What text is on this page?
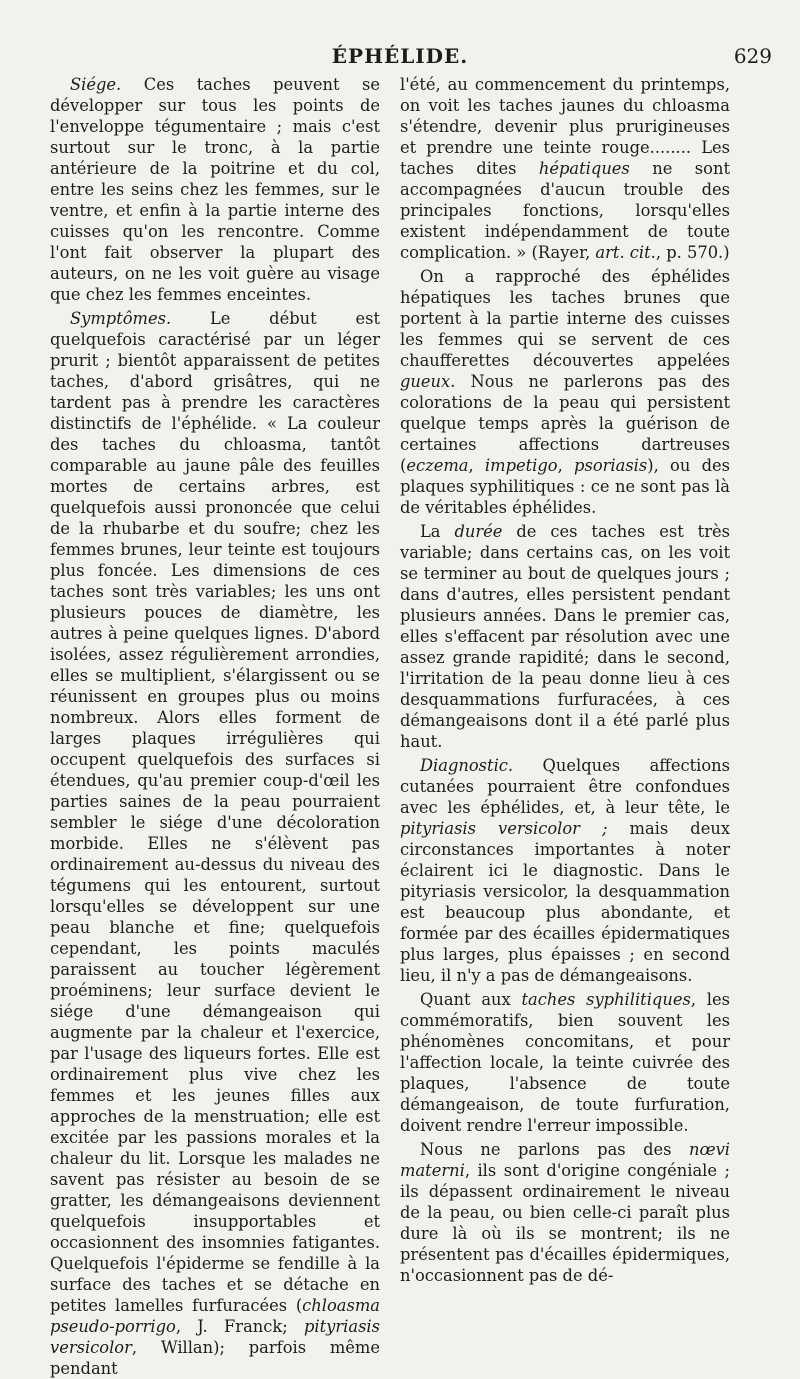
ÉPHÉLIDE.	629

Siége. Ces taches peuvent se développer sur tous les points de l'enveloppe tégumentaire ; mais c'est surtout sur le tronc, à la partie antérieure de la poitrine et du col, entre les seins chez les femmes, sur le ventre, et enfin à la partie interne des cuisses qu'on les rencontre. Comme l'ont fait observer la plupart des auteurs, on ne les voit guère au visage que chez les femmes enceintes.

Symptômes. Le début est quelquefois caractérisé par un léger prurit ; bientôt apparaissent de petites taches, d'abord grisâtres, qui ne tardent pas à prendre les caractères distinctifs de l'éphélide. « La couleur des taches du chloasma, tantôt comparable au jaune pâle des feuilles mortes de certains arbres, est quelquefois aussi prononcée que celui de la rhubarbe et du soufre; chez les femmes brunes, leur teinte est toujours plus foncée. Les dimensions de ces taches sont très variables; les uns ont plusieurs pouces de diamètre, les autres à peine quelques lignes. D'abord isolées, assez régulièrement arrondies, elles se multiplient, s'élargissent ou se réunissent en groupes plus ou moins nombreux. Alors elles forment de larges plaques irrégulières qui occupent quelquefois des surfaces si étendues, qu'au premier coup-d'œil les parties saines de la peau pourraient sembler le siége d'une décoloration morbide. Elles ne s'élèvent pas ordinairement au-dessus du niveau des tégumens qui les entourent, surtout lorsqu'elles se développent sur une peau blanche et fine; quelquefois cependant, les points maculés paraissent au toucher légèrement proéminens; leur surface devient le siége d'une démangeaison qui augmente par la chaleur et l'exercice, par l'usage des liqueurs fortes. Elle est ordinairement plus vive chez les femmes et les jeunes filles aux approches de la menstruation; elle est excitée par les passions morales et la chaleur du lit. Lorsque les malades ne savent pas résister au besoin de se gratter, les démangeaisons deviennent quelquefois insupportables et occasionnent des insomnies fatigantes. Quelquefois l'épiderme se fendille à la surface des taches et se détache en petites lamelles furfuracées (chloasma pseudo-porrigo, J. Franck; pityriasis versicolor, Willan); parfois même pendant

l'été, au commencement du printemps, on voit les taches jaunes du chloasma s'étendre, devenir plus prurigineuses et prendre une teinte rouge........ Les taches dites hépatiques ne sont accompagnées d'aucun trouble des principales fonctions, lorsqu'elles existent indépendamment de toute complication. » (Rayer, art. cit., p. 570.)

On a rapproché des éphélides hépatiques les taches brunes que portent à la partie interne des cuisses les femmes qui se servent de ces chaufferettes découvertes appelées gueux. Nous ne parlerons pas des colorations de la peau qui persistent quelque temps après la guérison de certaines affections dartreuses (eczema, impetigo, psoriasis), ou des plaques syphilitiques : ce ne sont pas là de véritables éphélides.

La durée de ces taches est très variable; dans certains cas, on les voit se terminer au bout de quelques jours ; dans d'autres, elles persistent pendant plusieurs années. Dans le premier cas, elles s'effacent par résolution avec une assez grande rapidité; dans le second, l'irritation de la peau donne lieu à ces desquammations furfuracées, à ces démangeaisons dont il a été parlé plus haut.

Diagnostic. Quelques affections cutanées pourraient être confondues avec les éphélides, et, à leur tête, le pityriasis versicolor ; mais deux circonstances importantes à noter éclairent ici le diagnostic. Dans le pityriasis versicolor, la desquammation est beaucoup plus abondante, et formée par des écailles épidermatiques plus larges, plus épaisses ; en second lieu, il n'y a pas de démangeaisons.

Quant aux taches syphilitiques, les commémoratifs, bien souvent les phénomènes concomitans, et pour l'affection locale, la teinte cuivrée des plaques, l'absence de toute démangeaison, de toute furfuration, doivent rendre l'erreur impossible.

Nous ne parlons pas des nœvi materni, ils sont d'origine congéniale ; ils dépassent ordinairement le niveau de la peau, ou bien celle-ci paraît plus dure là où ils se montrent; ils ne présentent pas d'écailles épidermiques, n'occasionnent pas de dé-
